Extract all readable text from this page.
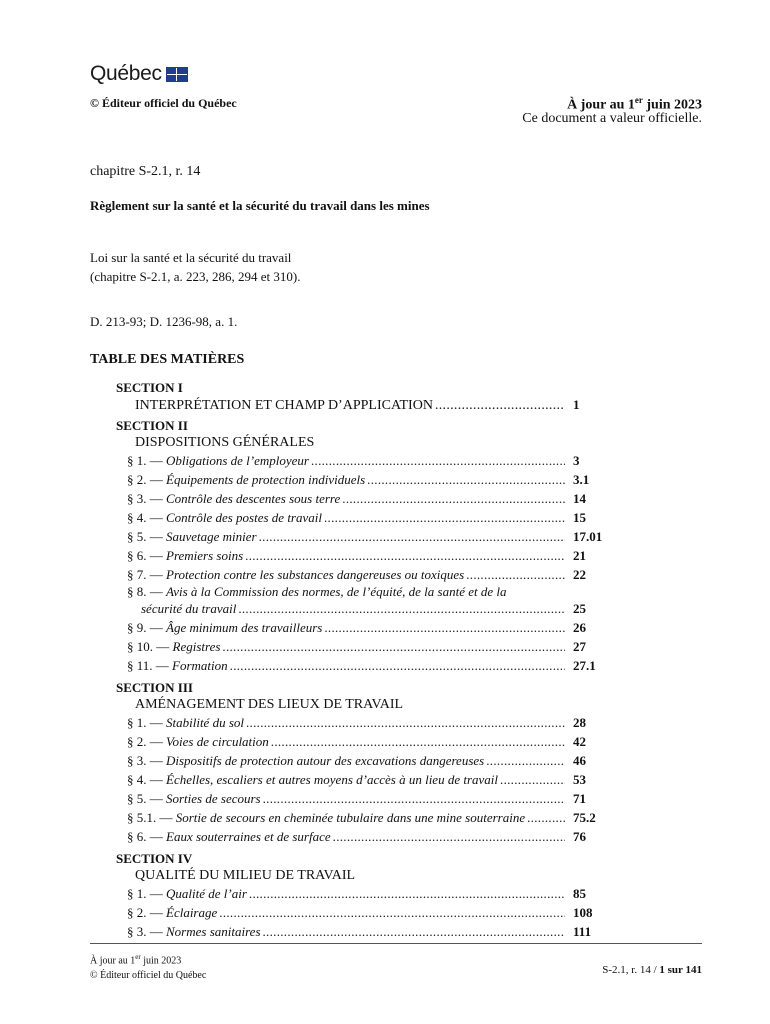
Québec
© Éditeur officiel du Québec	À jour au 1er juin 2023
Ce document a valeur officielle.
chapitre S-2.1, r. 14
Règlement sur la santé et la sécurité du travail dans les mines
Loi sur la santé et la sécurité du travail
(chapitre S-2.1, a. 223, 286, 294 et 310).
D. 213-93; D. 1236-98, a. 1.
TABLE DES MATIÈRES
SECTION I
INTERPRÉTATION ET CHAMP D’APPLICATION .....	1
SECTION II
DISPOSITIONS GÉNÉRALES
§ 1. — Obligations de l’employeur .....	3
§ 2. — Équipements de protection individuels .....	3.1
§ 3. — Contrôle des descentes sous terre .....	14
§ 4. — Contrôle des postes de travail .....	15
§ 5. — Sauvetage minier .....	17.01
§ 6. — Premiers soins .....	21
§ 7. — Protection contre les substances dangereuses ou toxiques .....	22
§ 8. — Avis à la Commission des normes, de l’équité, de la santé et de la
sécurité du travail .....	25
§ 9. — Âge minimum des travailleurs .....	26
§ 10. — Registres .....	27
§ 11. — Formation .....	27.1
SECTION III
AMÉNAGEMENT DES LIEUX DE TRAVAIL
§ 1. — Stabilité du sol .....	28
§ 2. — Voies de circulation .....	42
§ 3. — Dispositifs de protection autour des excavations dangereuses .....	46
§ 4. — Échelles, escaliers et autres moyens d’accès à un lieu de travail .....	53
§ 5. — Sorties de secours .....	71
§ 5.1. — Sortie de secours en cheminée tubulaire dans une mine souterraine .....	75.2
§ 6. — Eaux souterraines et de surface .....	76
SECTION IV
QUALITÉ DU MILIEU DE TRAVAIL
§ 1. — Qualité de l’air .....	85
§ 2. — Éclairage .....	108
§ 3. — Normes sanitaires .....	111
À jour au 1er juin 2023
© Éditeur officiel du Québec	S-2.1, r. 14 / 1 sur 141
